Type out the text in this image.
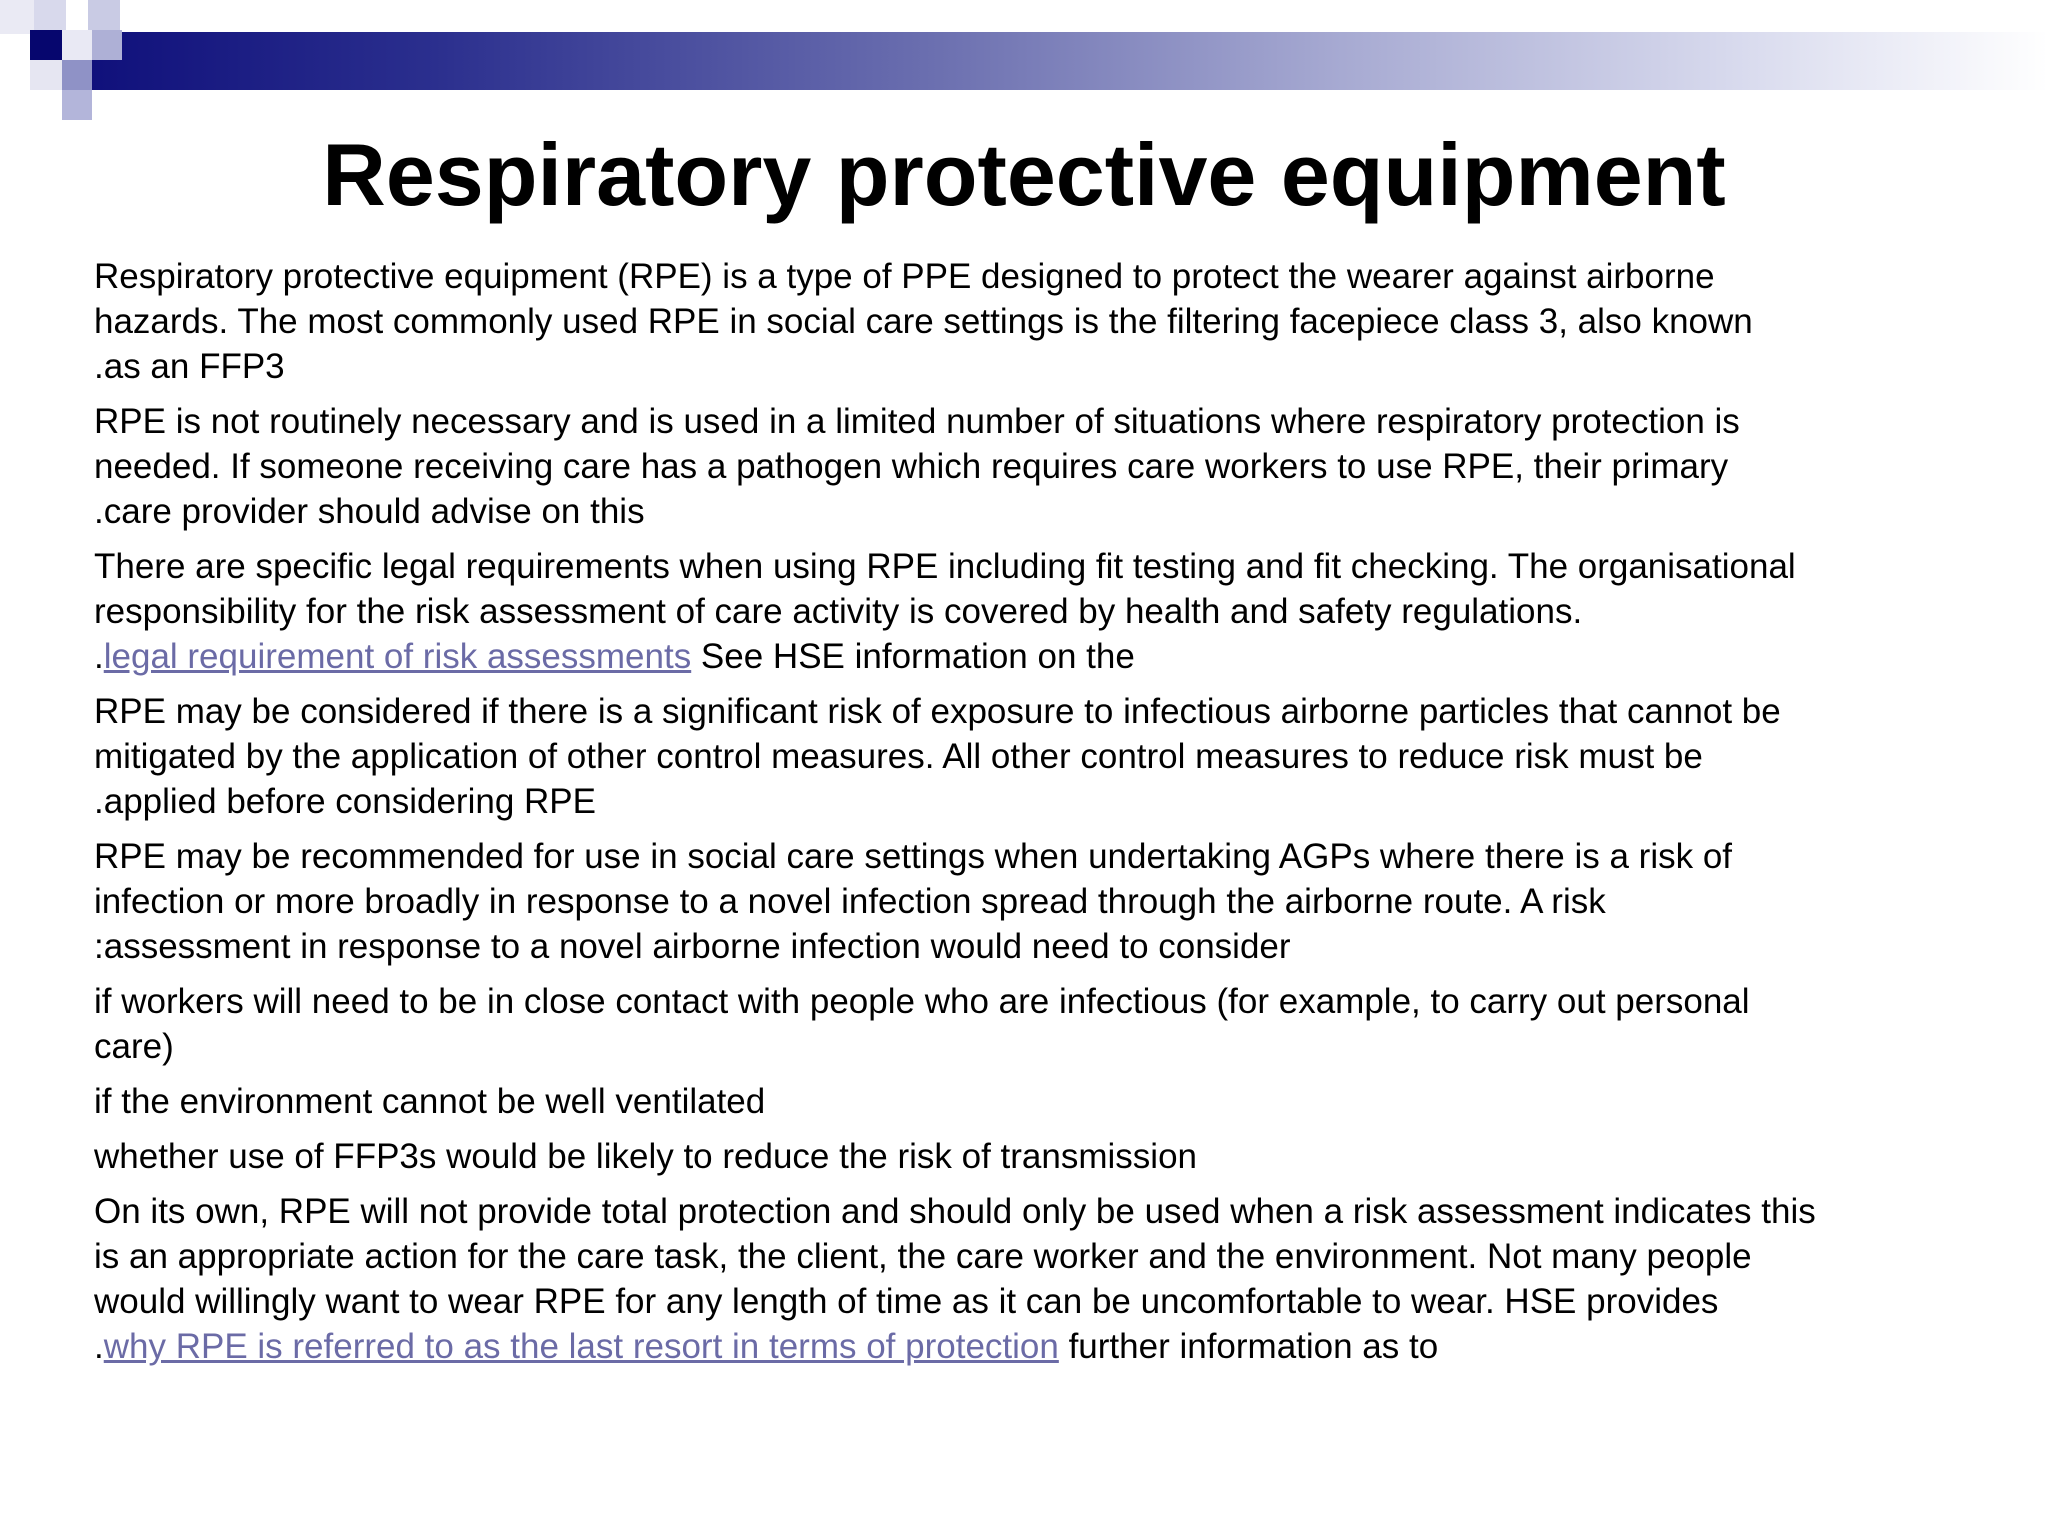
Respiratory protective equipment

Respiratory protective equipment (RPE) is a type of PPE designed to protect the wearer against airborne
hazards. The most commonly used RPE in social care settings is the filtering facepiece class 3, also known
.as an FFP3

RPE is not routinely necessary and is used in a limited number of situations where respiratory protection is
needed. If someone receiving care has a pathogen which requires care workers to use RPE, their primary
.care provider should advise on this

There are specific legal requirements when using RPE including fit testing and fit checking. The organisational
responsibility for the risk assessment of care activity is covered by health and safety regulations.
.legal requirement of risk assessments See HSE information on the

RPE may be considered if there is a significant risk of exposure to infectious airborne particles that cannot be
mitigated by the application of other control measures. All other control measures to reduce risk must be
.applied before considering RPE

RPE may be recommended for use in social care settings when undertaking AGPs where there is a risk of
infection or more broadly in response to a novel infection spread through the airborne route. A risk
:assessment in response to a novel airborne infection would need to consider

if workers will need to be in close contact with people who are infectious (for example, to carry out personal
care)

if the environment cannot be well ventilated

whether use of FFP3s would be likely to reduce the risk of transmission

On its own, RPE will not provide total protection and should only be used when a risk assessment indicates this
is an appropriate action for the care task, the client, the care worker and the environment. Not many people
would willingly want to wear RPE for any length of time as it can be uncomfortable to wear. HSE provides
.why RPE is referred to as the last resort in terms of protection further information as to
